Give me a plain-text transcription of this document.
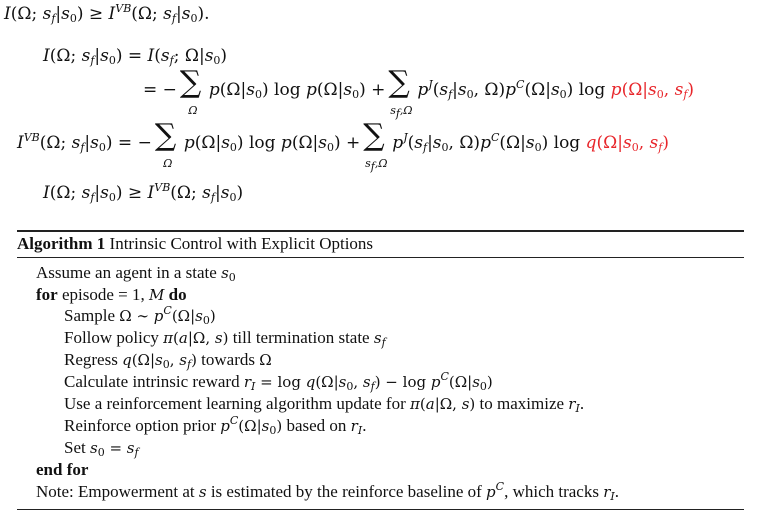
I(Ω; $s_f|s_0) \ge I^{VB}(\Omega$; $s_f|s_0$).
I(Ω; $s_f|s_0) = I(s_f$; $\Omega|s_0$)
= − ∑
Ω
$p(\Omega|s_0)$ $\log p(\Omega|s_0)$ + ∑
$s_f,\Omega$
$p^J(s_f|s_0$, $\Omega)p^C(\Omega|s_0)$ $\log p(\Omega|s_0$, $s_f$)
$I^{VB}(\Omega$; $s_f|s_0$) = − ∑
Ω
$p(\Omega|s_0)$ $\log p(\Omega|s_0)$ + ∑
$s_f,\Omega$
$p^J(s_f|s_0$, $\Omega)p^C(\Omega|s_0)$ $\log q(\Omega|s_0$, $s_f$)
I(Ω; $s_f|s_0) \ge I^{VB}(\Omega$; $s_f|s_0$)
Algorithm 1 Intrinsic Control with Explicit Options
Assume an agent in a state $s_0$
for episode = 1, M do
Sample Ω ∼ $p^C(\Omega|s_0)$
Follow policy π(a|Ω, s) till termination state $s_f$
Regress $q(\Omega|s_0$, $s_f$) towards Ω
Calculate intrinsic reward $r_I = \log q(\Omega|s_0$, $s_f) - \log p^C(\Omega|s_0)$
Use a reinforcement learning algorithm update for π(a|Ω, s) to maximize $r_I$.
Reinforce option prior $p^C(\Omega|s_0)$ based on $r_I$.
Set $s_0 = s_f$
end for
Note: Empowerment at s is estimated by the reinforce baseline of $p^C$, which tracks $r_I$.
